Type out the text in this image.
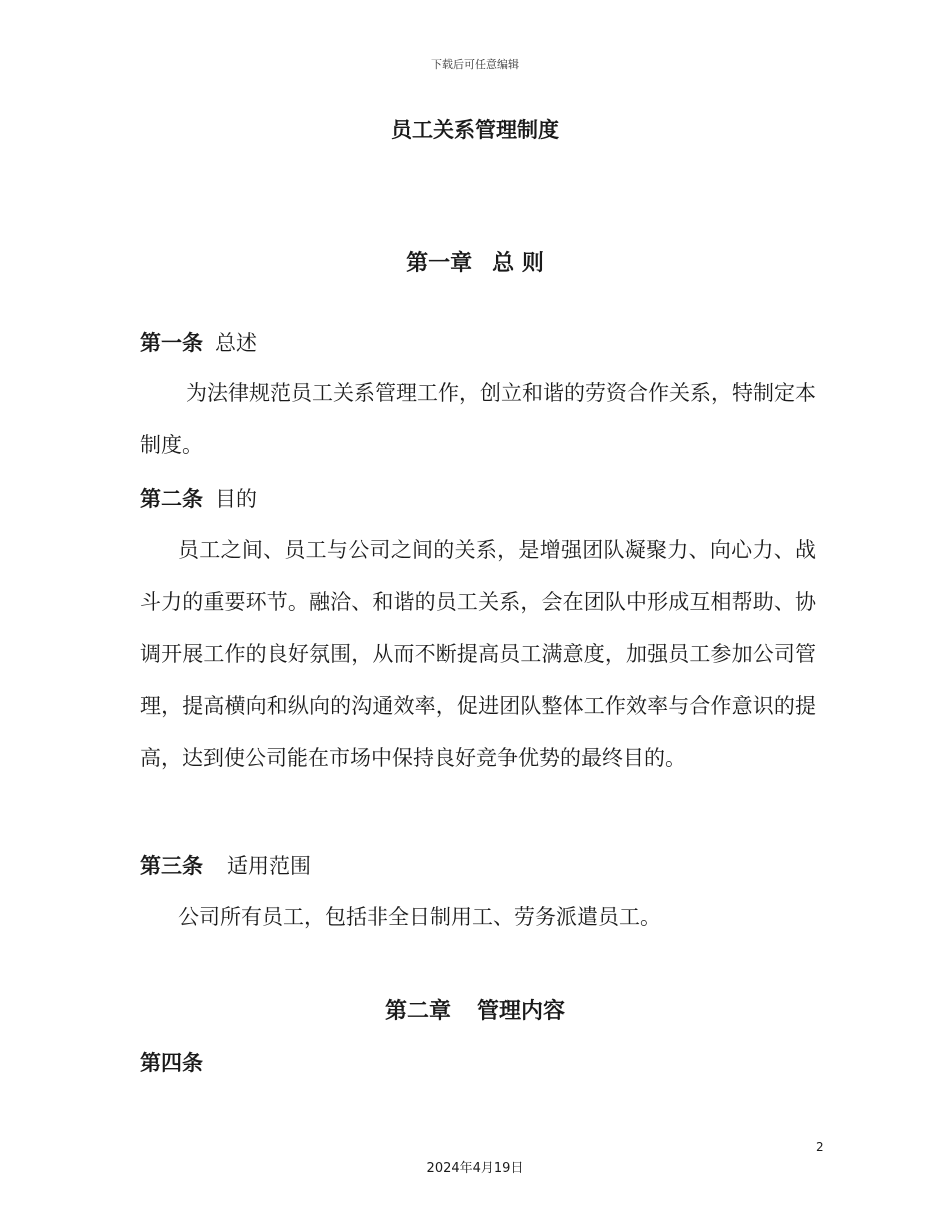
下载后可任意编辑
员工关系管理制度
第一章 总 则
第一条 总述

为法律规范员工关系管理工作，创立和谐的劳资合作关系，特制定本制度。

第二条 目的

员工之间、员工与公司之间的关系，是增强团队凝聚力、向心力、战斗力的重要环节。融洽、和谐的员工关系，会在团队中形成互相帮助、协调开展工作的良好氛围，从而不断提高员工满意度，加强员工参加公司管理，提高横向和纵向的沟通效率，促进团队整体工作效率与合作意识的提高，达到使公司能在市场中保持良好竞争优势的最终目的。

第三条 适用范围

公司所有员工，包括非全日制用工、劳务派遣员工。

第二章 管理内容
第四条
2
2024年4月19日
